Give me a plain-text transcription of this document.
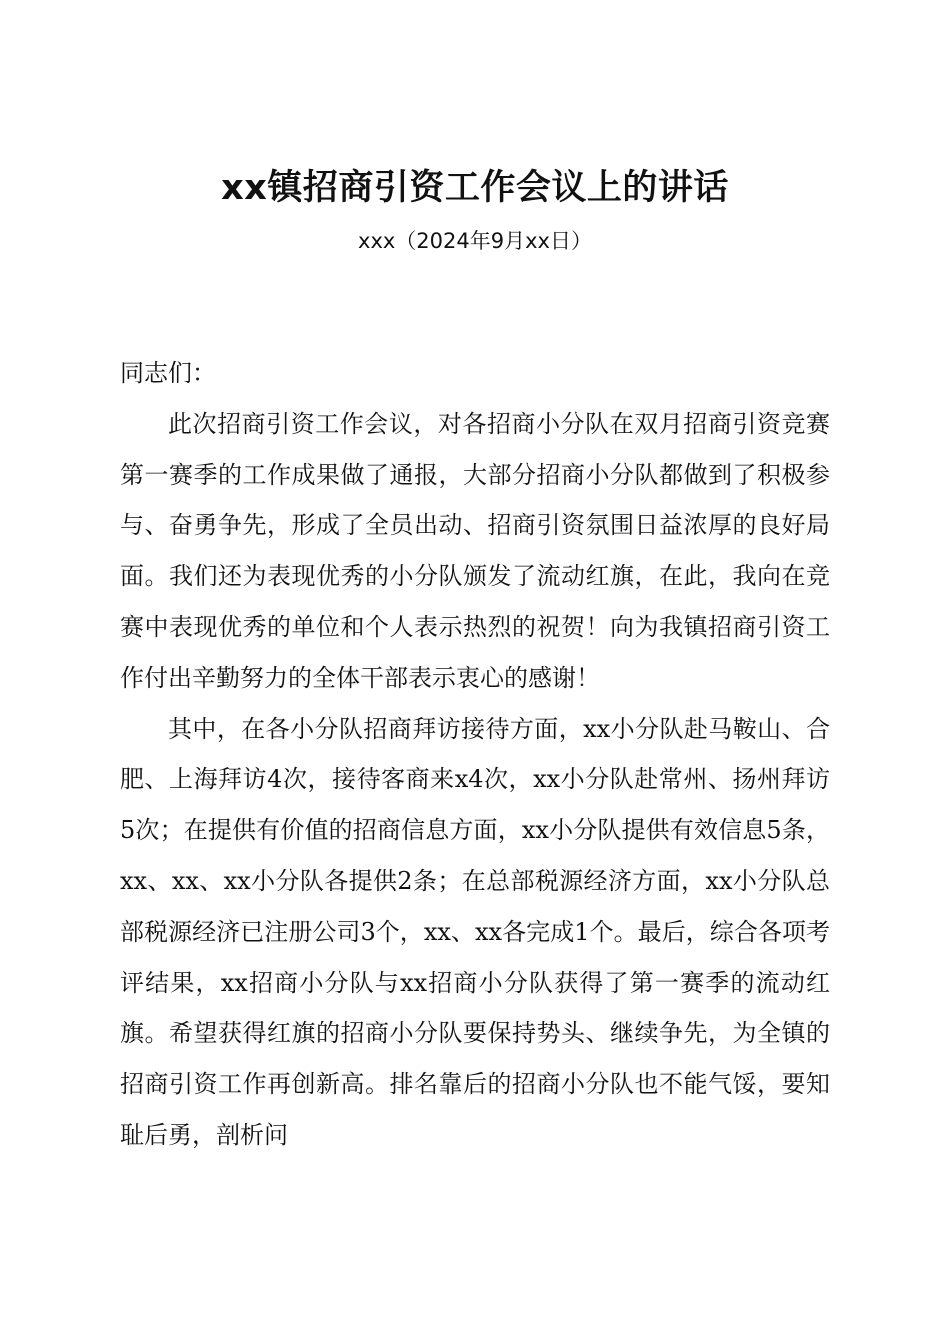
xx镇招商引资工作会议上的讲话
xxx（2024年9月xx日）

同志们：

此次招商引资工作会议，对各招商小分队在双月招商引资竞赛第一赛季的工作成果做了通报，大部分招商小分队都做到了积极参与、奋勇争先，形成了全员出动、招商引资氛围日益浓厚的良好局面。我们还为表现优秀的小分队颁发了流动红旗，在此，我向在竞赛中表现优秀的单位和个人表示热烈的祝贺！向为我镇招商引资工作付出辛勤努力的全体干部表示衷心的感谢！

其中，在各小分队招商拜访接待方面，xx小分队赴马鞍山、合肥、上海拜访4次，接待客商来x4次，xx小分队赴常州、扬州拜访5次；在提供有价值的招商信息方面，xx小分队提供有效信息5条，xx、xx、xx小分队各提供2条；在总部税源经济方面，xx小分队总部税源经济已注册公司3个，xx、xx各完成1个。最后，综合各项考评结果，xx招商小分队与xx招商小分队获得了第一赛季的流动红旗。希望获得红旗的招商小分队要保持势头、继续争先，为全镇的招商引资工作再创新高。排名靠后的招商小分队也不能气馁，要知耻后勇，剖析问
